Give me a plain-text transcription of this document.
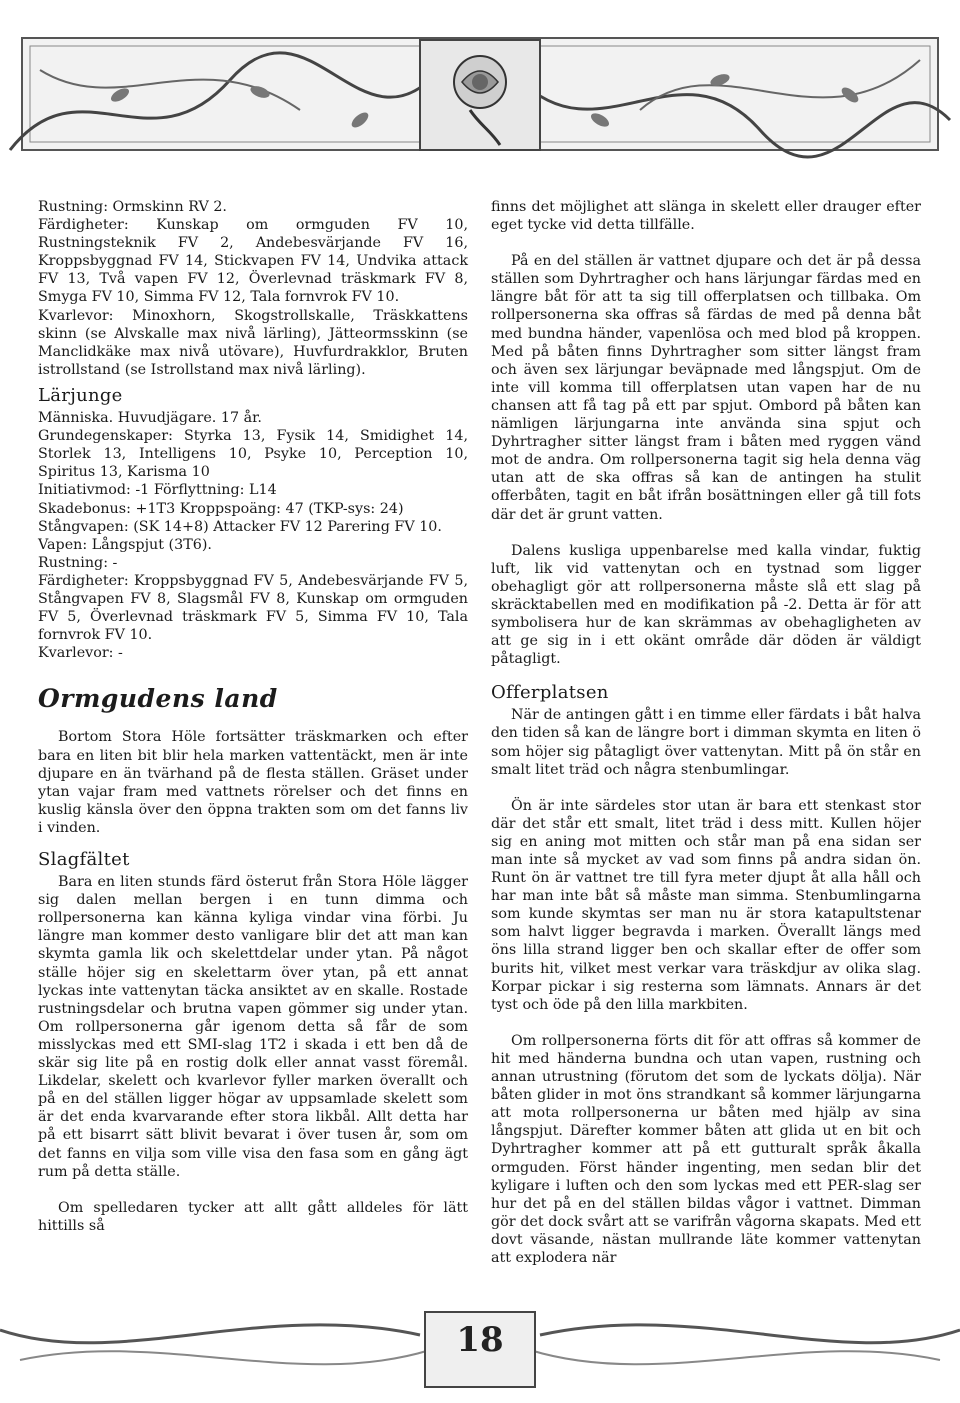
Rustning: Ormskinn RV 2.

Färdigheter: Kunskap om ormguden FV 10, Rustningsteknik FV 2, Andebesvärjande FV 16, Kroppsbyggnad FV 14, Stickvapen FV 14, Undvika attack FV 13, Två vapen FV 12, Överlevnad träskmark FV 8, Smyga FV 10, Simma FV 12, Tala fornvrok FV 10.

Kvarlevor: Minoxhorn, Skogstrollskalle, Träskkattens skinn (se Alvskalle max nivå lärling), Jätteormsskinn (se Manclidkäke max nivå utövare), Huvfurdrakklor, Bruten istrollstand (se Istrollstand max nivå lärling).

Lärjunge

Människa. Huvudjägare. 17 år.

Grundegenskaper: Styrka 13, Fysik 14, Smidighet 14, Storlek 13, Intelligens 10, Psyke 10, Perception 10, Spiritus 13, Karisma 10

Initiativmod: -1 Förflyttning: L14

Skadebonus: +1T3 Kroppspoäng: 47 (TKP-sys: 24)

Stångvapen: (SK 14+8) Attacker FV 12 Parering FV 10.

Vapen: Långspjut (3T6).

Rustning: -

Färdigheter: Kroppsbyggnad FV 5, Andebesvärjande FV 5, Stångvapen FV 8, Slagsmål FV 8, Kunskap om ormguden FV 5, Överlevnad träskmark FV 5, Simma FV 10, Tala fornvrok FV 10.

Kvarlevor: -

Ormgudens land

Bortom Stora Höle fortsätter träskmarken och efter bara en liten bit blir hela marken vattentäckt, men är inte djupare en än tvärhand på de flesta ställen. Gräset under ytan vajar fram med vattnets rörelser och det finns en kuslig känsla över den öppna trakten som om det fanns liv i vinden.

Slagfältet

Bara en liten stunds färd österut från Stora Höle lägger sig dalen mellan bergen i en tunn dimma och rollpersonerna kan känna kyliga vindar vina förbi. Ju längre man kommer desto vanligare blir det att man kan skymta gamla lik och skelettdelar under ytan. På något ställe höjer sig en skelettarm över ytan, på ett annat lyckas inte vattenytan täcka ansiktet av en skalle. Rostade rustningsdelar och brutna vapen gömmer sig under ytan. Om rollpersonerna går igenom detta så får de som misslyckas med ett SMI-slag 1T2 i skada i ett ben då de skär sig lite på en rostig dolk eller annat vasst föremål. Likdelar, skelett och kvarlevor fyller marken överallt och på en del ställen ligger högar av uppsamlade skelett som är det enda kvarvarande efter stora likbål. Allt detta har på ett bisarrt sätt blivit bevarat i över tusen år, som om det fanns en vilja som ville visa den fasa som en gång ägt rum på detta ställe.

Om spelledaren tycker att allt gått alldeles för lätt hittills så

finns det möjlighet att slänga in skelett eller drauger efter eget tycke vid detta tillfälle.

På en del ställen är vattnet djupare och det är på dessa ställen som Dyhrtragher och hans lärjungar färdas med en längre båt för att ta sig till offerplatsen och tillbaka. Om rollpersonerna ska offras så färdas de med på denna båt med bundna händer, vapenlösa och med blod på kroppen. Med på båten finns Dyhrtragher som sitter längst fram och även sex lärjungar beväpnade med långspjut. Om de inte vill komma till offerplatsen utan vapen har de nu chansen att få tag på ett par spjut. Ombord på båten kan nämligen lärjungarna inte använda sina spjut och Dyhrtragher sitter längst fram i båten med ryggen vänd mot de andra. Om rollpersonerna tagit sig hela denna väg utan att de ska offras så kan de antingen ha stulit offerbåten, tagit en båt ifrån bosättningen eller gå till fots där det är grunt vatten.

Dalens kusliga uppenbarelse med kalla vindar, fuktig luft, lik vid vattenytan och en tystnad som ligger obehagligt gör att rollpersonerna måste slå ett slag på skräcktabellen med en modifikation på -2. Detta är för att symbolisera hur de kan skrämmas av obehagligheten av att ge sig in i ett okänt område där döden är väldigt påtagligt.

Offerplatsen

När de antingen gått i en timme eller färdats i båt halva den tiden så kan de längre bort i dimman skymta en liten ö som höjer sig påtagligt över vattenytan. Mitt på ön står en smalt litet träd och några stenbumlingar.

Ön är inte särdeles stor utan är bara ett stenkast stor där det står ett smalt, litet träd i dess mitt. Kullen höjer sig en aning mot mitten och står man på ena sidan ser man inte så mycket av vad som finns på andra sidan ön. Runt ön är vattnet tre till fyra meter djupt åt alla håll och har man inte båt så måste man simma. Stenbumlingarna som kunde skymtas ser man nu är stora katapultstenar som halvt ligger begravda i marken. Överallt längs med öns lilla strand ligger ben och skallar efter de offer som burits hit, vilket mest verkar vara träskdjur av olika slag. Korpar pickar i sig resterna som lämnats. Annars är det tyst och öde på den lilla markbiten.

Om rollpersonerna förts dit för att offras så kommer de hit med händerna bundna och utan vapen, rustning och annan utrustning (förutom det som de lyckats dölja). När båten glider in mot öns strandkant så kommer lärjungarna att mota rollpersonerna ur båten med hjälp av sina långspjut. Därefter kommer båten att glida ut en bit och Dyhrtragher kommer att på ett gutturalt språk åkalla ormguden. Först händer ingenting, men sedan blir det kyligare i luften och den som lyckas med ett PER-slag ser hur det på en del ställen bildas vågor i vattnet. Dimman gör det dock svårt att se varifrån vågorna skapats. Med ett dovt väsande, nästan mullrande läte kommer vattenytan att explodera när

18
